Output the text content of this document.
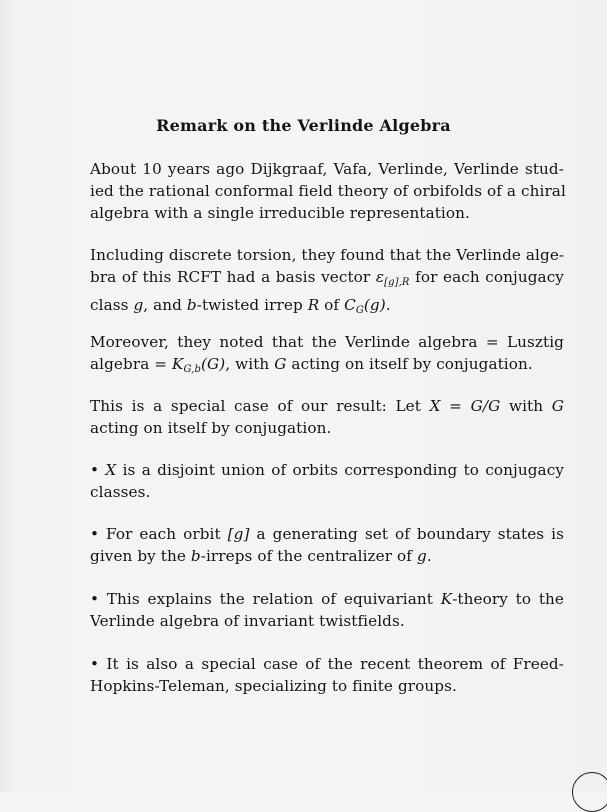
Remark on the Verlinde Algebra
About 10 years ago Dijkgraaf, Vafa, Verlinde, Verlinde stud-
ied the rational conformal field theory of orbifolds of a chiral
algebra with a single irreducible representation.
Including discrete torsion, they found that the Verlinde alge-
bra of this RCFT had a basis vector $\varepsilon_{[g],R}$ for each conjugacy
class g, and b-twisted irrep R of $C_G(g)$.
Moreover, they noted that the Verlinde algebra = Lusztig
algebra = $K_{G,b}(G)$, with G acting on itself by conjugation.
This is a special case of our result: Let X = G/G with G
acting on itself by conjugation.
• X is a disjoint union of orbits corresponding to conjugacy
classes.
• For each orbit [g] a generating set of boundary states is
given by the b-irreps of the centralizer of g.
• This explains the relation of equivariant K-theory to the
Verlinde algebra of invariant twistfields.
• It is also a special case of the recent theorem of Freed-
Hopkins-Teleman, specializing to finite groups.
